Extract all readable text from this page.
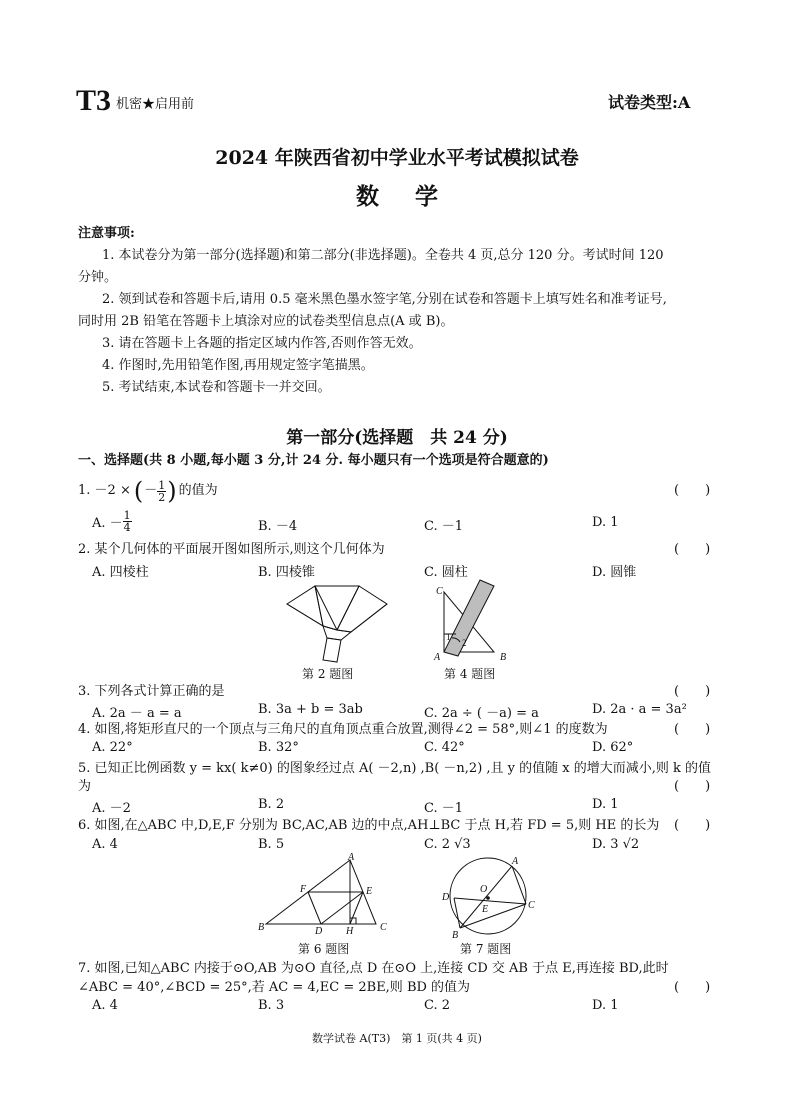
T3 机密★启用前	试卷类型:A
2024 年陕西省初中学业水平考试模拟试卷
数学
注意事项:
1. 本试卷分为第一部分(选择题)和第二部分(非选择题)。全卷共 4 页,总分 120 分。考试时间 120
分钟。
2. 领到试卷和答题卡后,请用 0.5 毫米黑色墨水签字笔,分别在试卷和答题卡上填写姓名和准考证号,
同时用 2B 铅笔在答题卡上填涂对应的试卷类型信息点(A 或 B)。
3. 请在答题卡上各题的指定区域内作答,否则作答无效。
4. 作图时,先用铅笔作图,再用规定签字笔描黑。
5. 考试结束,本试卷和答题卡一并交回。
第一部分(选择题　共 24 分)
一、选择题(共 8 小题,每小题 3 分,计 24 分. 每小题只有一个选项是符合题意的)
1. －2 × ( － $\frac{1}{2}$ ) 的值为	(　　)
A. － $\frac{1}{4}$	B. －4	C. －1	D. 1
2. 某个几何体的平面展开图如图所示,则这个几何体为	(　　)
A. 四棱柱	B. 四棱锥	C. 圆柱	D. 圆锥
第 2 题图
C
A	B
1
2
第 4 题图
3. 下列各式计算正确的是	(　　)
A. 2a － a = a	B. 3a + b = 3ab	C. 2a ÷ ( －a) = a	D. 2a · a = 3a²
4. 如图,将矩形直尺的一个顶点与三角尺的直角顶点重合放置,测得∠2 = 58°,则∠1 的度数为	(　　)
A. 22°	B. 32°	C. 42°	D. 62°
5. 已知正比例函数 y = kx( k≠0) 的图象经过点 A( －2,n) ,B( －n,2) ,且 y 的值随 x 的增大而减小,则 k 的值
为	(　　)
A. －2	B. 2	C. －1	D. 1
6. 如图,在△ABC 中,D,E,F 分别为 BC,AC,AB 边的中点,AH⊥BC 于点 H,若 FD = 5,则 HE 的长为 (　　)
A. 4	B. 5	C. 2 √3	D. 3 √2
A
B	C
D
E
F
H
第 6 题图
A
B
C
D
E
O
第 7 题图
7. 如图,已知△ABC 内接于⊙O,AB 为⊙O 直径,点 D 在⊙O 上,连接 CD 交 AB 于点 E,再连接 BD,此时
∠ABC = 40°,∠BCD = 25°,若 AC = 4,EC = 2BE,则 BD 的值为	(　　)
A. 4	B. 3	C. 2	D. 1
数学试卷 A(T3)　第 1 页(共 4 页)
